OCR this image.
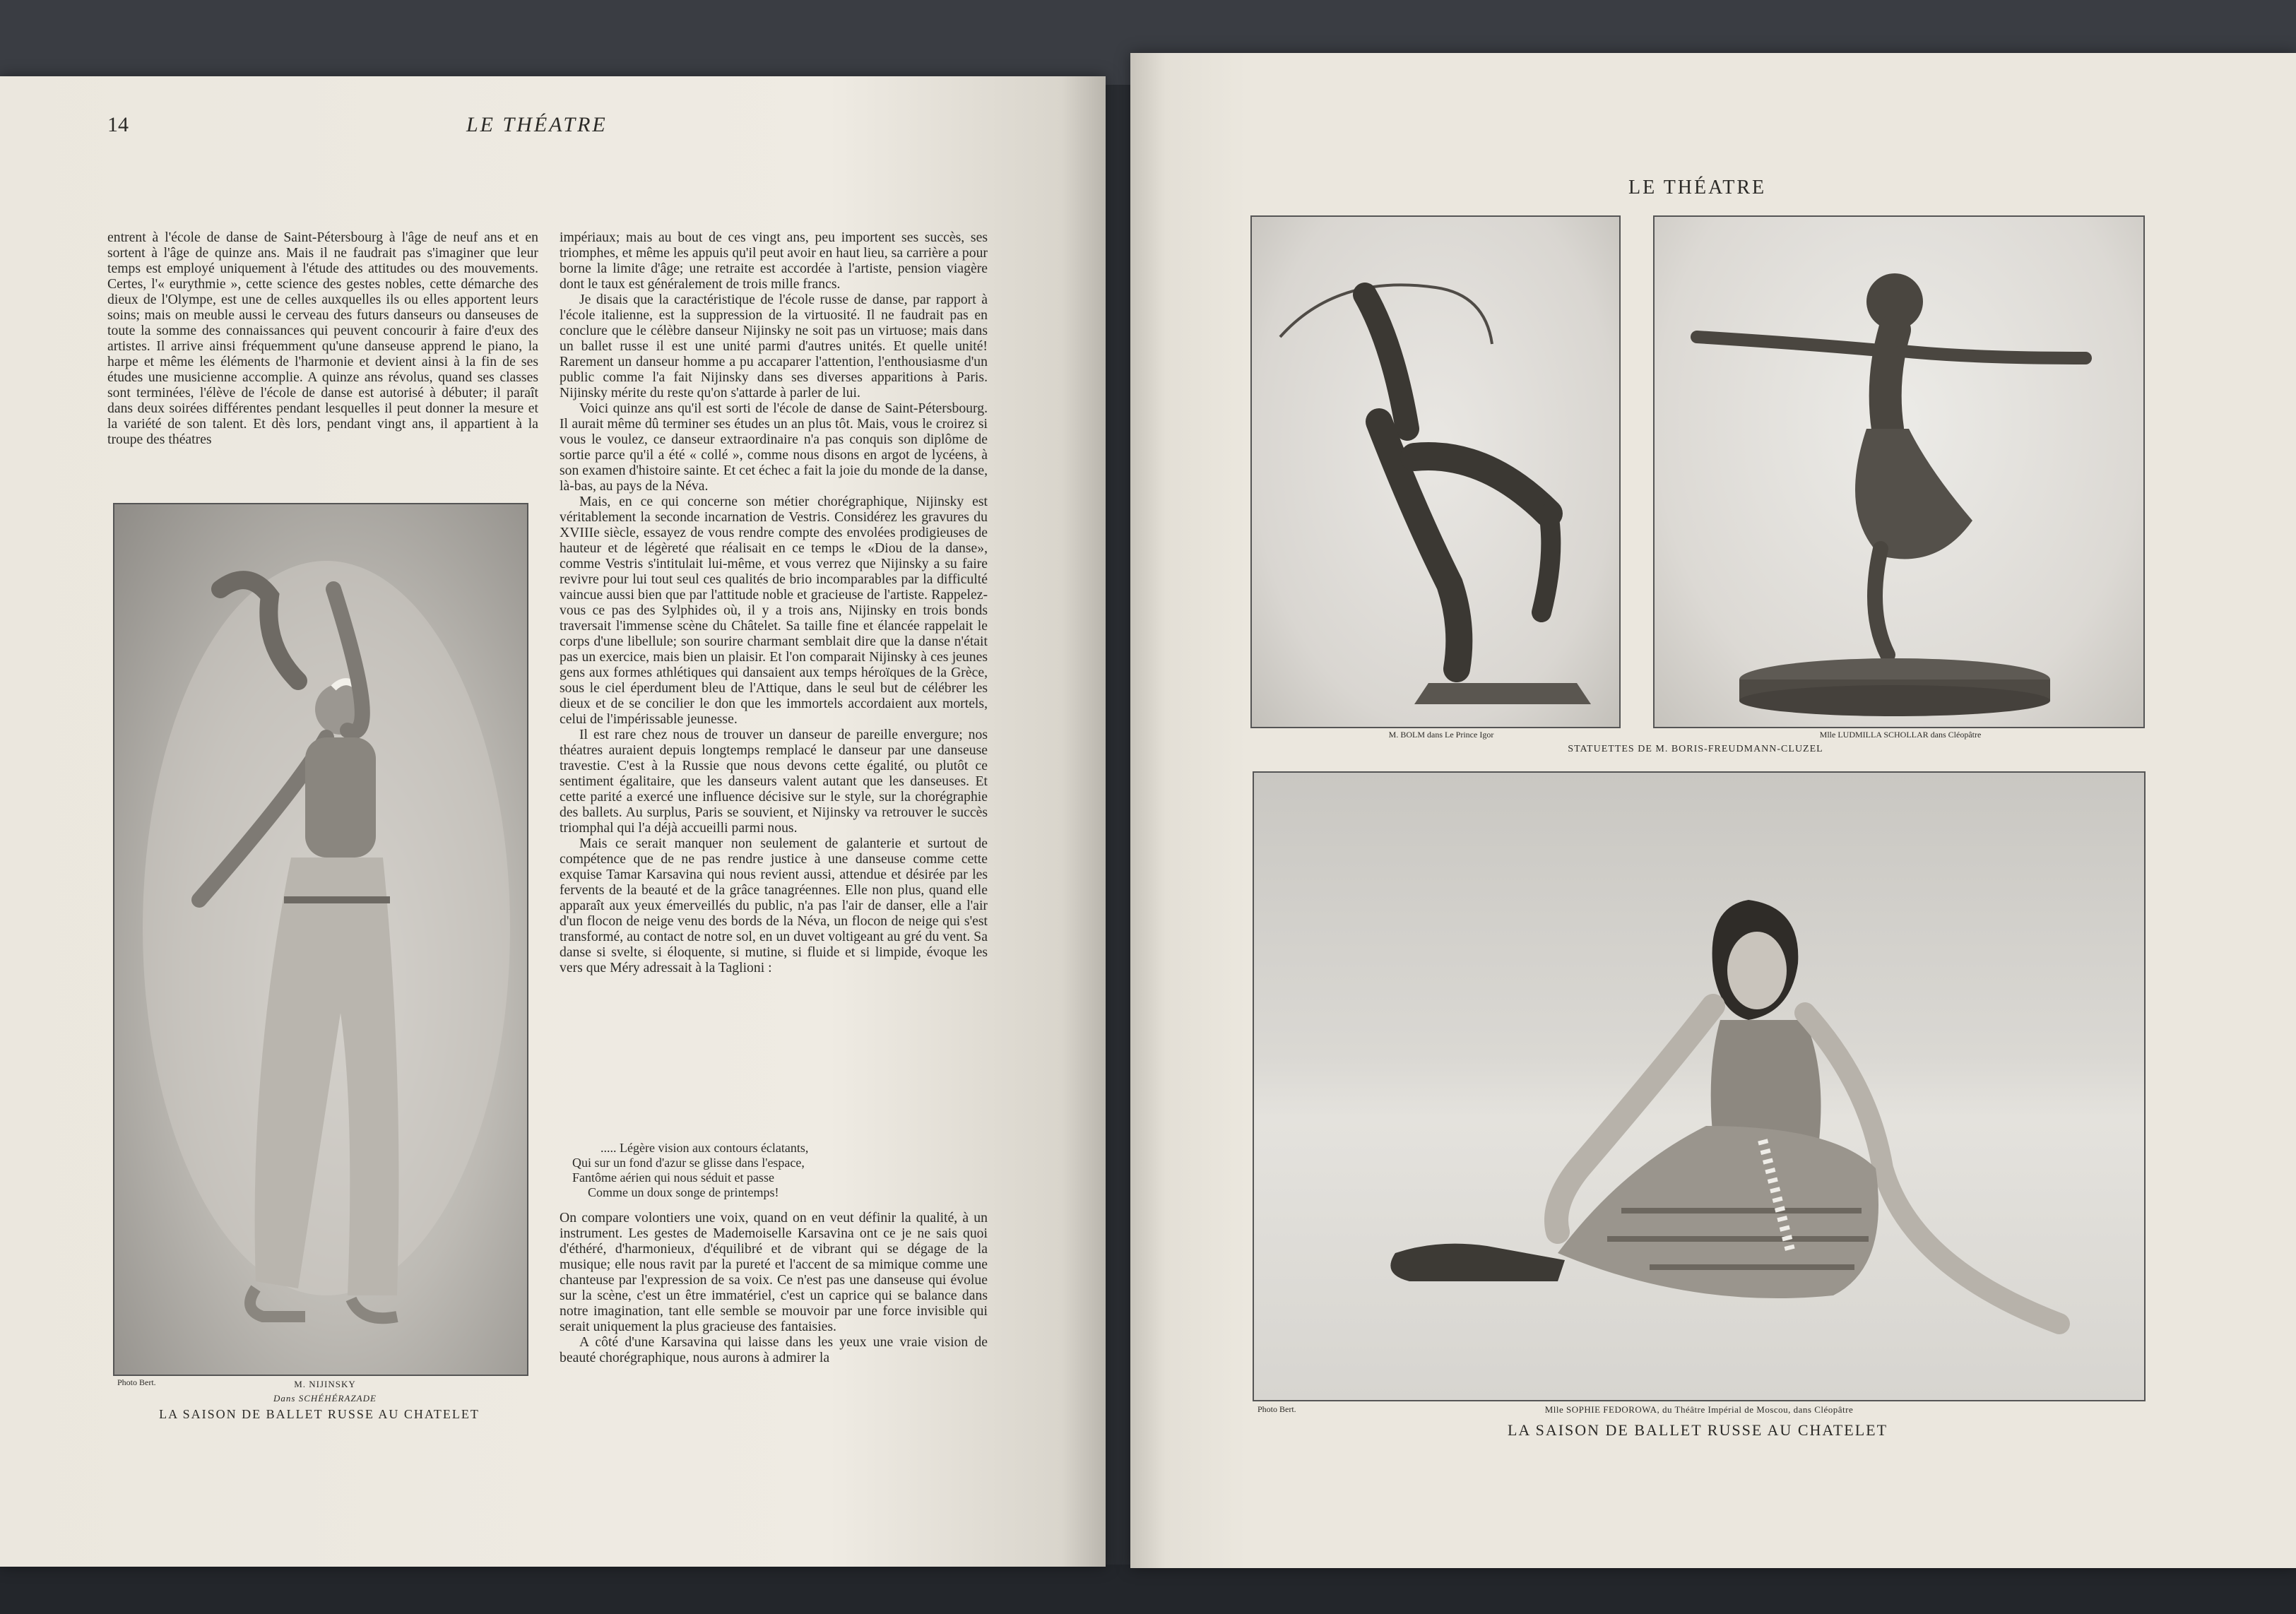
14	LE THÉATRE

entrent à l'école de danse de Saint-Pétersbourg à l'âge de neuf ans et en sortent à l'âge de quinze ans. Mais il ne faudrait pas s'imaginer que leur temps est employé uniquement à l'étude des attitudes ou des mouvements. Certes, l'« eurythmie », cette science des gestes nobles, cette démarche des dieux de l'Olympe, est une de celles auxquelles ils ou elles apportent leurs soins; mais on meuble aussi le cerveau des futurs danseurs ou danseuses de toute la somme des connaissances qui peuvent concourir à faire d'eux des artistes. Il arrive ainsi fréquemment qu'une danseuse apprend le piano, la harpe et même les éléments de l'harmonie et devient ainsi à la fin de ses études une musicienne accomplie. A quinze ans révolus, quand ses classes sont terminées, l'élève de l'école de danse est autorisé à débuter; il paraît dans deux soirées différentes pendant lesquelles il peut donner la mesure et la variété de son talent. Et dès lors, pendant vingt ans, il appartient à la troupe des théatres

impériaux; mais au bout de ces vingt ans, peu importent ses succès, ses triomphes, et même les appuis qu'il peut avoir en haut lieu, sa carrière a pour borne la limite d'âge; une retraite est accordée à l'artiste, pension viagère dont le taux est généralement de trois mille francs.

Je disais que la caractéristique de l'école russe de danse, par rapport à l'école italienne, est la suppression de la virtuosité. Il ne faudrait pas en conclure que le célèbre danseur Nijinsky ne soit pas un virtuose; mais dans un ballet russe il est une unité parmi d'autres unités. Et quelle unité! Rarement un danseur homme a pu accaparer l'attention, l'enthousiasme d'un public comme l'a fait Nijinsky dans ses diverses apparitions à Paris. Nijinsky mérite du reste qu'on s'attarde à parler de lui.

Voici quinze ans qu'il est sorti de l'école de danse de Saint-Pétersbourg. Il aurait même dû terminer ses études un an plus tôt. Mais, vous le croirez si vous le voulez, ce danseur extraordinaire n'a pas conquis son diplôme de sortie parce qu'il a été « collé », comme nous disons en argot de lycéens, à son examen d'histoire sainte. Et cet échec a fait la joie du monde de la danse, là-bas, au pays de la Néva.

Mais, en ce qui concerne son métier chorégraphique, Nijinsky est véritablement la seconde incarnation de Vestris. Considérez les gravures du XVIIIe siècle, essayez de vous rendre compte des envolées prodigieuses de hauteur et de légèreté que réalisait en ce temps le «Diou de la danse», comme Vestris s'intitulait lui-même, et vous verrez que Nijinsky a su faire revivre pour lui tout seul ces qualités de brio incomparables par la difficulté vaincue aussi bien que par l'attitude noble et gracieuse de l'artiste. Rappelez-vous ce pas des Sylphides où, il y a trois ans, Nijinsky en trois bonds traversait l'immense scène du Châtelet. Sa taille fine et élancée rappelait le corps d'une libellule; son sourire charmant semblait dire que la danse n'était pas un exercice, mais bien un plaisir. Et l'on comparait Nijinsky à ces jeunes gens aux formes athlétiques qui dansaient aux temps héroïques de la Grèce, sous le ciel éperdument bleu de l'Attique, dans le seul but de célébrer les dieux et de se concilier le don que les immortels accordaient aux mortels, celui de l'impérissable jeunesse.

Il est rare chez nous de trouver un danseur de pareille envergure; nos théatres auraient depuis longtemps remplacé le danseur par une danseuse travestie. C'est à la Russie que nous devons cette égalité, ou plutôt ce sentiment égalitaire, que les danseurs valent autant que les danseuses. Et cette parité a exercé une influence décisive sur le style, sur la chorégraphie des ballets. Au surplus, Paris se souvient, et Nijinsky va retrouver le succès triomphal qui l'a déjà accueilli parmi nous.

Mais ce serait manquer non seulement de galanterie et surtout de compétence que de ne pas rendre justice à une danseuse comme cette exquise Tamar Karsavina qui nous revient aussi, attendue et désirée par les fervents de la beauté et de la grâce tanagréennes. Elle non plus, quand elle apparaît aux yeux émerveillés du public, n'a pas l'air de danser, elle a l'air d'un flocon de neige venu des bords de la Néva, un flocon de neige qui s'est transformé, au contact de notre sol, en un duvet voltigeant au gré du vent. Sa danse si svelte, si éloquente, si mutine, si fluide et si limpide, évoque les vers que Méry adressait à la Taglioni :

..... Légère vision aux contours éclatants,
Qui sur un fond d'azur se glisse dans l'espace,
Fantôme aérien qui nous séduit et passe
Comme un doux songe de printemps!

On compare volontiers une voix, quand on en veut définir la qualité, à un instrument. Les gestes de Mademoiselle Karsavina ont ce je ne sais quoi d'éthéré, d'harmonieux, d'équilibré et de vibrant qui se dégage de la musique; elle nous ravit par la pureté et l'accent de sa mimique comme une chanteuse par l'expression de sa voix. Ce n'est pas une danseuse qui évolue sur la scène, c'est un être immatériel, c'est un caprice qui se balance dans notre imagination, tant elle semble se mouvoir par une force invisible qui serait uniquement la plus gracieuse des fantaisies.

A côté d'une Karsavina qui laisse dans les yeux une vraie vision de beauté chorégraphique, nous aurons à admirer la

Photo Bert.	M. NIJINSKY
Dans SCHÉHÉRAZADE
LA SAISON DE BALLET RUSSE AU CHATELET
LE THÉATRE
M. BOLM dans Le Prince Igor	Mlle LUDMILLA SCHOLLAR dans Cléopâtre
STATUETTES DE M. BORIS-FREUDMANN-CLUZEL
Photo Bert.	Mlle SOPHIE FEDOROWA, du Théâtre Impérial de Moscou, dans Cléopâtre
LA SAISON DE BALLET RUSSE AU CHATELET
